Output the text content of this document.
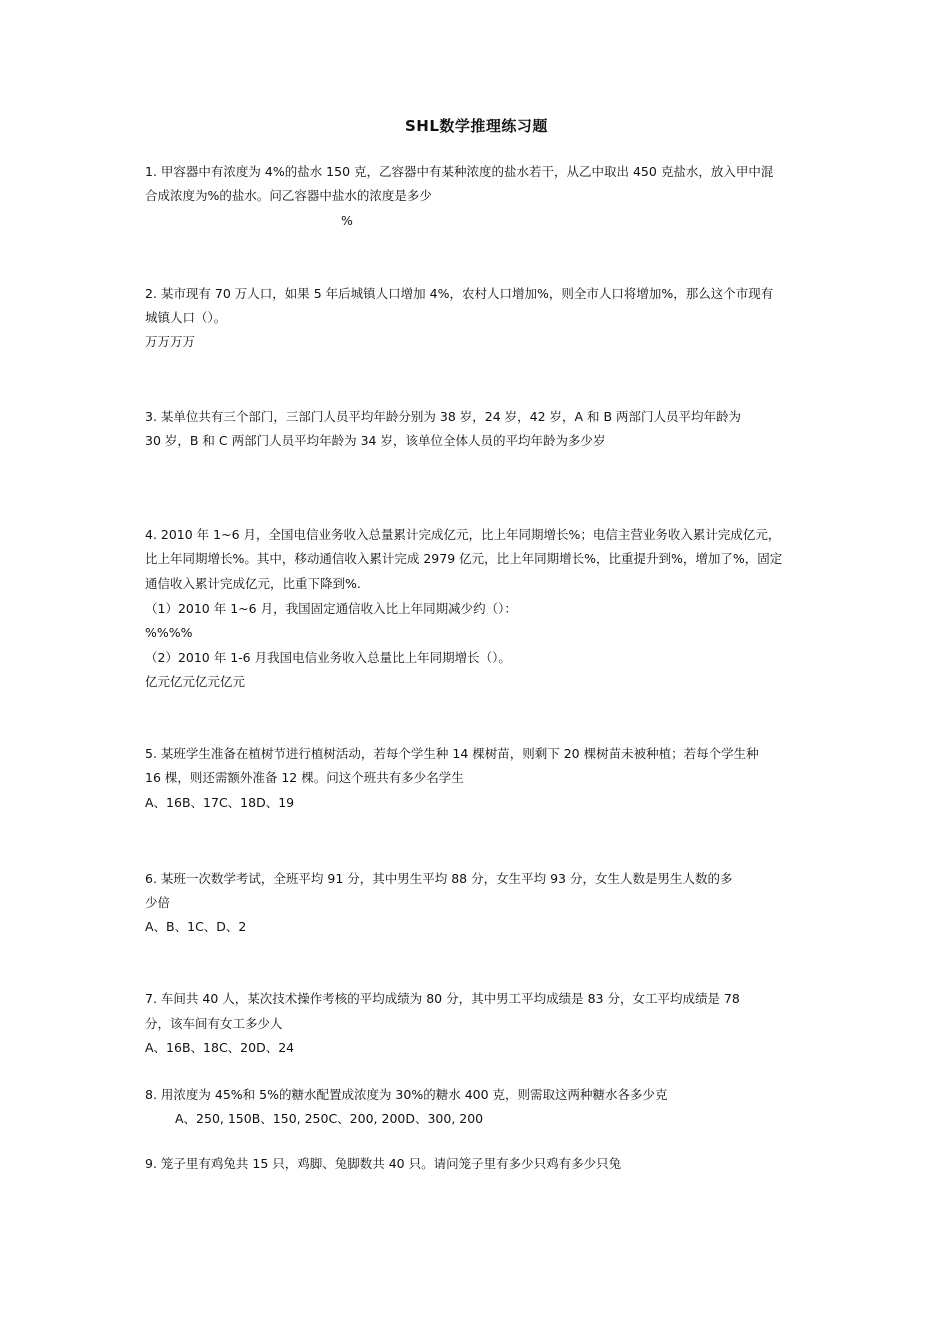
SHL数学推理练习题
1. 甲容器中有浓度为 4%的盐水 150 克，乙容器中有某种浓度的盐水若干，从乙中取出 450 克盐水，放入甲中混
合成浓度为%的盐水。问乙容器中盐水的浓度是多少
%
2. 某市现有 70 万人口，如果 5 年后城镇人口增加 4%，农村人口增加%，则全市人口将增加%，那么这个市现有
城镇人口（）。
万万万万
3. 某单位共有三个部门，三部门人员平均年龄分别为 38 岁，24 岁，42 岁，A 和 B 两部门人员平均年龄为
30 岁，B 和 C 两部门人员平均年龄为 34 岁，该单位全体人员的平均年龄为多少岁
4. 2010 年 1~6 月，全国电信业务收入总量累计完成亿元，比上年同期增长%；电信主营业务收入累计完成亿元，
比上年同期增长%。其中，移动通信收入累计完成 2979 亿元，比上年同期增长%，比重提升到%，增加了%，固定
通信收入累计完成亿元，比重下降到%.
（1）2010 年 1~6 月，我国固定通信收入比上年同期减少约（）：
%%%%
（2）2010 年 1-6 月我国电信业务收入总量比上年同期增长（）。
亿元亿元亿元亿元
5. 某班学生准备在植树节进行植树活动，若每个学生种 14 棵树苗，则剩下 20 棵树苗未被种植；若每个学生种
16 棵，则还需额外准备 12 棵。问这个班共有多少名学生
A、16B、17C、18D、19
6. 某班一次数学考试，全班平均 91 分，其中男生平均 88 分，女生平均 93 分，女生人数是男生人数的多
少倍
A、B、1C、D、2
7. 车间共 40 人，某次技术操作考核的平均成绩为 80 分，其中男工平均成绩是 83 分，女工平均成绩是 78
分，该车间有女工多少人
A、16B、18C、20D、24
8. 用浓度为 45%和 5%的糖水配置成浓度为 30%的糖水 400 克，则需取这两种糖水各多少克
A、250, 150B、150, 250C、200, 200D、300, 200
9. 笼子里有鸡兔共 15 只，鸡脚、兔脚数共 40 只。请问笼子里有多少只鸡有多少只兔
